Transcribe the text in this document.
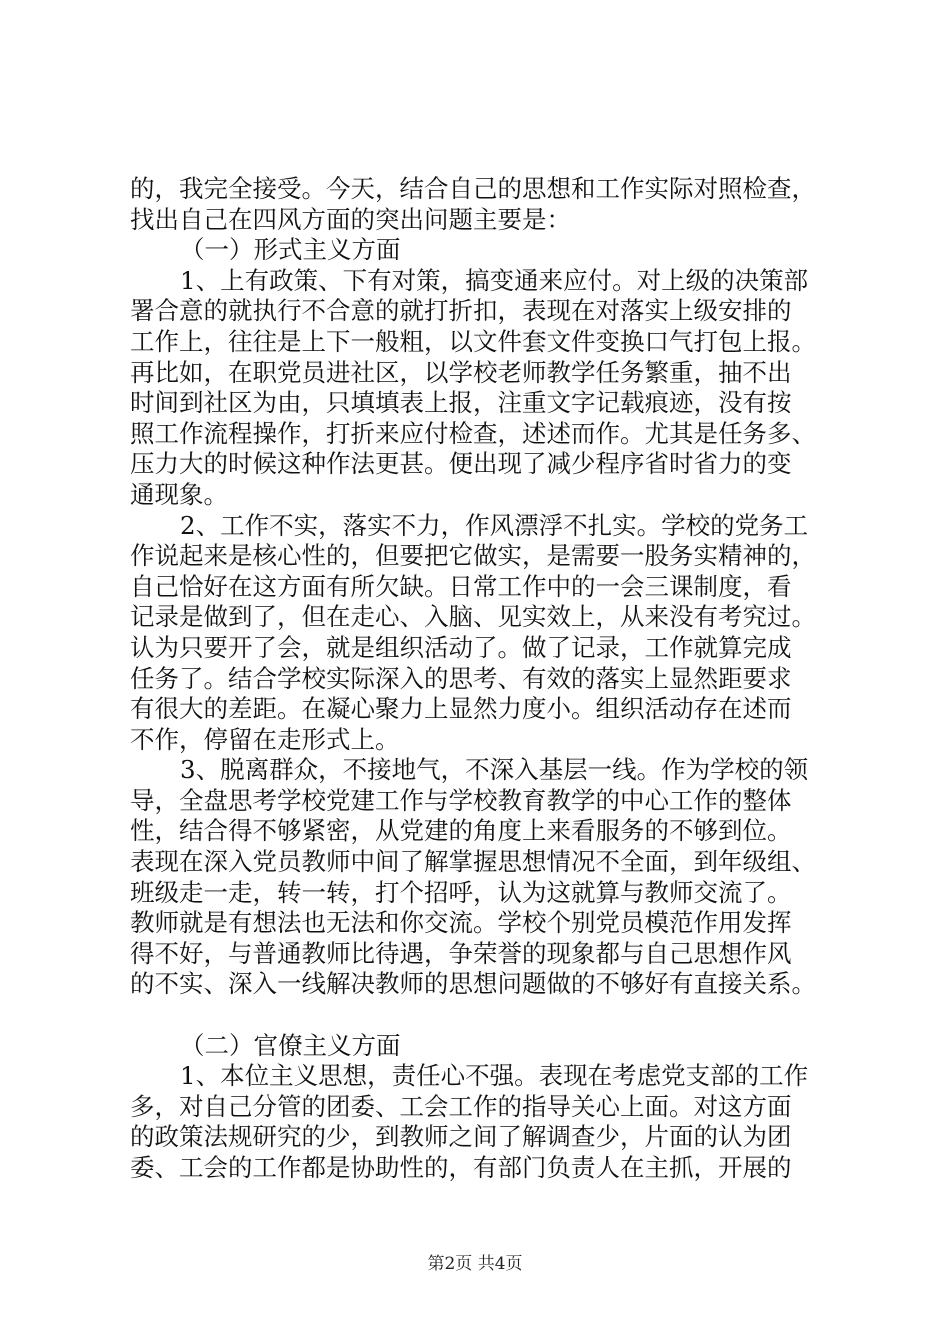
的，我完全接受。今天，结合自己的思想和工作实际对照检查，
找出自己在四风方面的突出问题主要是：
（一）形式主义方面
1、上有政策、下有对策，搞变通来应付。对上级的决策部
署合意的就执行不合意的就打折扣，表现在对落实上级安排的
工作上，往往是上下一般粗，以文件套文件变换口气打包上报。
再比如，在职党员进社区，以学校老师教学任务繁重，抽不出
时间到社区为由，只填填表上报，注重文字记载痕迹，没有按
照工作流程操作，打折来应付检查，述述而作。尤其是任务多、
压力大的时候这种作法更甚。便出现了减少程序省时省力的变
通现象。
2、工作不实，落实不力，作风漂浮不扎实。学校的党务工
作说起来是核心性的，但要把它做实，是需要一股务实精神的，
自己恰好在这方面有所欠缺。日常工作中的一会三课制度，看
记录是做到了，但在走心、入脑、见实效上，从来没有考究过。
认为只要开了会，就是组织活动了。做了记录，工作就算完成
任务了。结合学校实际深入的思考、有效的落实上显然距要求
有很大的差距。在凝心聚力上显然力度小。组织活动存在述而
不作，停留在走形式上。
3、脱离群众，不接地气，不深入基层一线。作为学校的领
导，全盘思考学校党建工作与学校教育教学的中心工作的整体
性，结合得不够紧密，从党建的角度上来看服务的不够到位。
表现在深入党员教师中间了解掌握思想情况不全面，到年级组、
班级走一走，转一转，打个招呼，认为这就算与教师交流了。
教师就是有想法也无法和你交流。学校个别党员模范作用发挥
得不好，与普通教师比待遇，争荣誉的现象都与自己思想作风
的不实、深入一线解决教师的思想问题做的不够好有直接关系。
（二）官僚主义方面
1、本位主义思想，责任心不强。表现在考虑党支部的工作
多，对自己分管的团委、工会工作的指导关心上面。对这方面
的政策法规研究的少，到教师之间了解调查少，片面的认为团
委、工会的工作都是协助性的，有部门负责人在主抓，开展的
第2页 共4页
